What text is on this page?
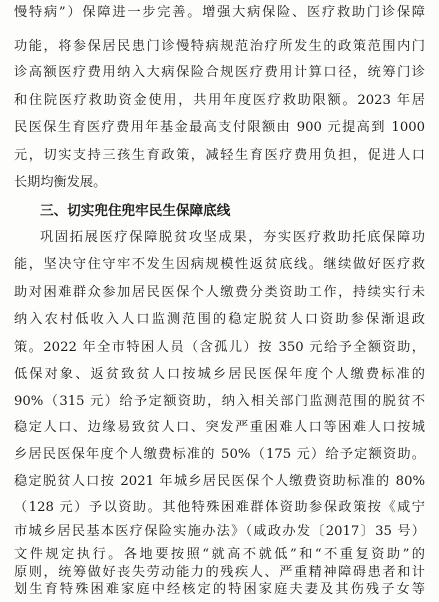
慢特病”）保障进一步完善。增强大病保险、医疗救助门诊保障
功能，将参保居民患门诊慢特病规范治疗所发生的政策范围内门
诊高额医疗费用纳入大病保险合规医疗费用计算口径，统筹门诊
和住院医疗救助资金使用，共用年度医疗救助限额。2023 年居
民医保生育医疗费用年基金最高支付限额由 900 元提高到 1000
元，切实支持三孩生育政策，减轻生育医疗费用负担，促进人口
长期均衡发展。
三、切实兜住兜牢民生保障底线
巩固拓展医疗保障脱贫攻坚成果，夯实医疗救助托底保障功
能，坚决守住守牢不发生因病规模性返贫底线。继续做好医疗救
助对困难群众参加居民医保个人缴费分类资助工作，持续实行未
纳入农村低收入人口监测范围的稳定脱贫人口资助参保渐退政
策。2022 年全市特困人员（含孤儿）按 350 元给予全额资助，
低保对象、返贫致贫人口按城乡居民医保年度个人缴费标准的
90%（315 元）给予定额资助，纳入相关部门监测范围的脱贫不
稳定人口、边缘易致贫人口、突发严重困难人口等困难人口按城
乡居民医保年度个人缴费标准的 50%（175 元）给予定额资助。
稳定脱贫人口按 2021 年城乡居民医保个人缴费资助标准的 80%
（128 元）予以资助。其他特殊困难群体资助参保政策按《咸宁
市城乡居民基本医疗保险实施办法》（咸政办发〔2017〕35 号）
文件规定执行。各地要按照“就高不就低”和“不重复资助”的
原则，统筹做好丧失劳动能力的残疾人、严重精神障碍患者和计
划生育特殊困难家庭中经核定的特困家庭夫妻及其伤残子女等
